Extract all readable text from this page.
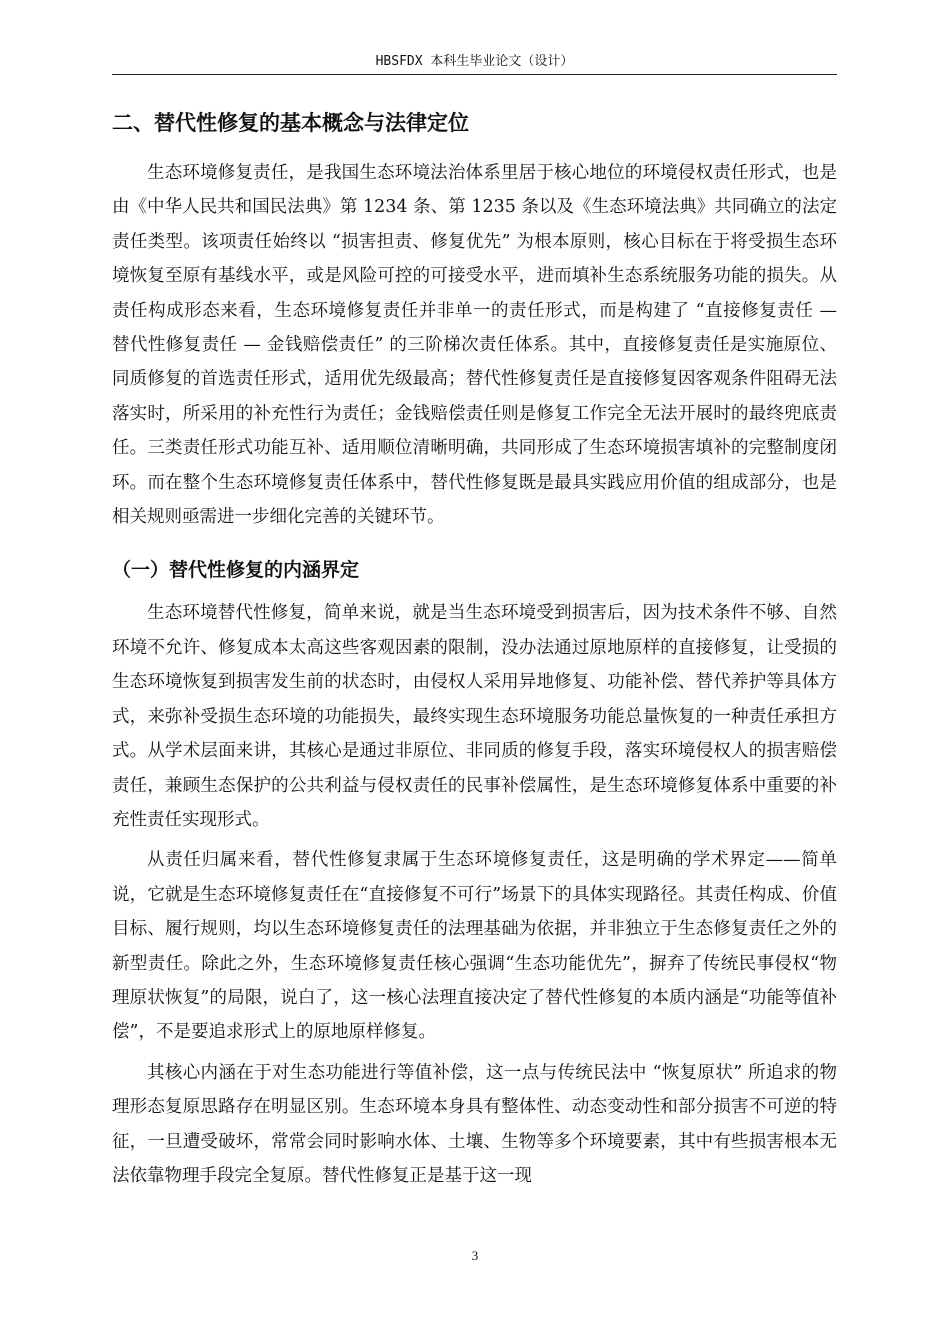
HBSFDX 本科生毕业论文（设计）
二、替代性修复的基本概念与法律定位

生态环境修复责任，是我国生态环境法治体系里居于核心地位的环境侵权责任形式，也是由《中华人民共和国民法典》第 1234 条、第 1235 条以及《生态环境法典》共同确立的法定责任类型。该项责任始终以 “损害担责、修复优先” 为根本原则，核心目标在于将受损生态环境恢复至原有基线水平，或是风险可控的可接受水平，进而填补生态系统服务功能的损失。从责任构成形态来看，生态环境修复责任并非单一的责任形式，而是构建了 “直接修复责任 — 替代性修复责任 — 金钱赔偿责任” 的三阶梯次责任体系。其中，直接修复责任是实施原位、同质修复的首选责任形式，适用优先级最高；替代性修复责任是直接修复因客观条件阻碍无法落实时，所采用的补充性行为责任；金钱赔偿责任则是修复工作完全无法开展时的最终兜底责任。三类责任形式功能互补、适用顺位清晰明确，共同形成了生态环境损害填补的完整制度闭环。而在整个生态环境修复责任体系中，替代性修复既是最具实践应用价值的组成部分，也是相关规则亟需进一步细化完善的关键环节。

（一）替代性修复的内涵界定

生态环境替代性修复，简单来说，就是当生态环境受到损害后，因为技术条件不够、自然环境不允许、修复成本太高这些客观因素的限制，没办法通过原地原样的直接修复，让受损的生态环境恢复到损害发生前的状态时，由侵权人采用异地修复、功能补偿、替代养护等具体方式，来弥补受损生态环境的功能损失，最终实现生态环境服务功能总量恢复的一种责任承担方式。从学术层面来讲，其核心是通过非原位、非同质的修复手段，落实环境侵权人的损害赔偿责任，兼顾生态保护的公共利益与侵权责任的民事补偿属性，是生态环境修复体系中重要的补充性责任实现形式。

从责任归属来看，替代性修复隶属于生态环境修复责任，这是明确的学术界定——简单说，它就是生态环境修复责任在“直接修复不可行”场景下的具体实现路径。其责任构成、价值目标、履行规则，均以生态环境修复责任的法理基础为依据，并非独立于生态修复责任之外的新型责任。除此之外，生态环境修复责任核心强调“生态功能优先”，摒弃了传统民事侵权“物理原状恢复”的局限，说白了，这一核心法理直接决定了替代性修复的本质内涵是“功能等值补偿”，不是要追求形式上的原地原样修复。

其核心内涵在于对生态功能进行等值补偿，这一点与传统民法中 “恢复原状” 所追求的物理形态复原思路存在明显区别。生态环境本身具有整体性、动态变动性和部分损害不可逆的特征，一旦遭受破坏，常常会同时影响水体、土壤、生物等多个环境要素，其中有些损害根本无法依靠物理手段完全复原。替代性修复正是基于这一现

3
